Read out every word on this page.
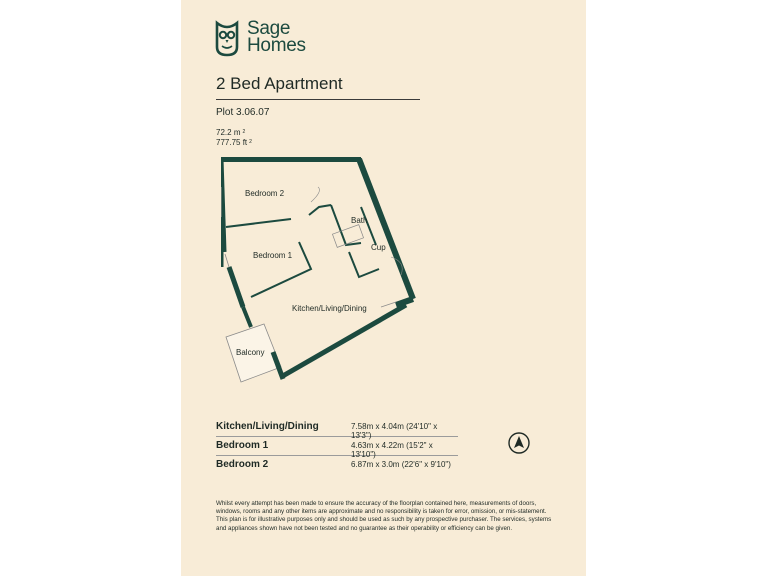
Sage
Homes
2 Bed Apartment
Plot 3.06.07
72.2 m $^2$
777.75 ft $^2$
Bedroom 2
Bedroom 1
Bath
Cup
Kitchen/Living/Dining
Balcony
Kitchen/Living/Dining	7.58m x 4.04m (24'10" x 13'3")
Bedroom 1	4.63m x 4.22m (15'2" x 13'10")
Bedroom 2	6.87m x 3.0m (22'6" x 9'10")
Whilst every attempt has been made to ensure the accuracy of the floorplan contained here, measurements of doors, windows, rooms and any other items are approximate and no responsibility is taken for error, omission, or mis-statement. This plan is for illustrative purposes only and should be used as such by any prospective purchaser. The services, systems and appliances shown have not been tested and no guarantee as their operability or efficiency can be given.
